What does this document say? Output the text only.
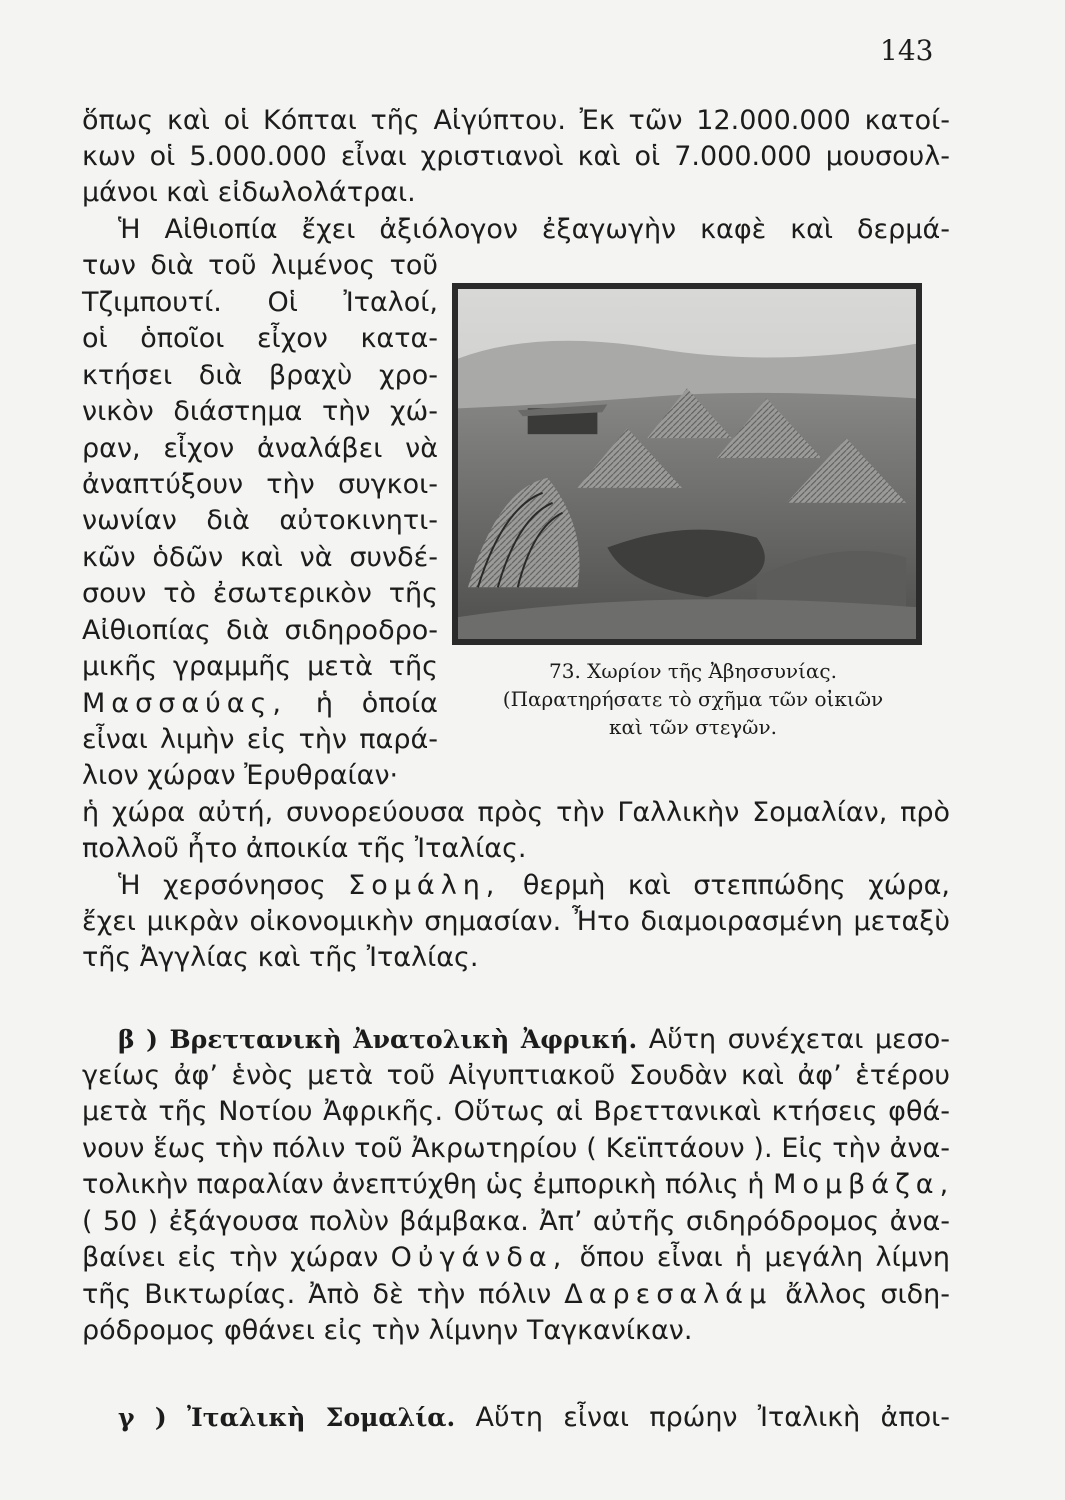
143
ὅπως καὶ οἱ Κόπται τῆς Αἰγύπτου. Ἐκ τῶν 12.000.000 κατοί-
κων οἱ 5.000.000 εἶναι χριστιανοὶ καὶ οἱ 7.000.000 μουσουλ-
μάνοι καὶ εἰδωλολάτραι.
Ἡ Αἰθιοπία ἔχει ἀξιόλογον ἐξαγωγὴν καφὲ καὶ δερμά-
των διὰ τοῦ λιμένος τοῦ
Τζιμπουτί. Οἱ Ἰταλοί,
οἱ ὁποῖοι εἶχον κατα-
κτήσει διὰ βραχὺ χρο-
νικὸν διάστημα τὴν χώ-
ραν, εἶχον ἀναλάβει νὰ
ἀναπτύξουν τὴν συγκοι-
νωνίαν διὰ αὐτοκινητι-
κῶν ὁδῶν καὶ νὰ συνδέ-
σουν τὸ ἐσωτερικὸν τῆς
Αἰθιοπίας διὰ σιδηροδρο-
μικῆς γραμμῆς μετὰ τῆς
Μασσαύας, ἡ ὁποία
εἶναι λιμὴν εἰς τὴν παρά-
λιον χώραν Ἐρυθραίαν·
ἡ χώρα αὐτή, συνορεύουσα πρὸς τὴν Γαλλικὴν Σομαλίαν, πρὸ
πολλοῦ ἦτο ἀποικία τῆς Ἰταλίας.
73. Χωρίον τῆς Ἀβησσυνίας.
(Παρατηρήσατε τὸ σχῆμα τῶν οἰκιῶν
καὶ τῶν στεγῶν.
Ἡ χερσόνησος Σομάλη, θερμὴ καὶ στεππώδης χώρα,
ἔχει μικρὰν οἰκονομικὴν σημασίαν. Ἦτο διαμοιρασμένη μεταξὺ
τῆς Ἀγγλίας καὶ τῆς Ἰταλίας.
β ) Βρεττανικὴ Ἀνατολικὴ Ἀφρική. Αὕτη συνέχεται μεσο-
γείως ἀφ’ ἑνὸς μετὰ τοῦ Αἰγυπτιακοῦ Σουδὰν καὶ ἀφ’ ἑτέρου
μετὰ τῆς Νοτίου Ἀφρικῆς. Οὕτως αἱ Βρεττανικαὶ κτήσεις φθά-
νουν ἕως τὴν πόλιν τοῦ Ἀκρωτηρίου ( Κεϊπτάουν ). Εἰς τὴν ἀνα-
τολικὴν παραλίαν ἀνεπτύχθη ὡς ἐμπορικὴ πόλις ἡ Μομβάζα,
( 50 ) ἐξάγουσα πολὺν βάμβακα. Ἀπ’ αὐτῆς σιδηρόδρομος ἀνα-
βαίνει εἰς τὴν χώραν Οὐγάνδα, ὅπου εἶναι ἡ μεγάλη λίμνη
τῆς Βικτωρίας. Ἀπὸ δὲ τὴν πόλιν Δαρεσαλάμ ἄλλος σιδη-
ρόδρομος φθάνει εἰς τὴν λίμνην Ταγκανίκαν.
γ ) Ἰταλικὴ Σομαλία. Αὕτη εἶναι πρώην Ἰταλικὴ ἀποι-
